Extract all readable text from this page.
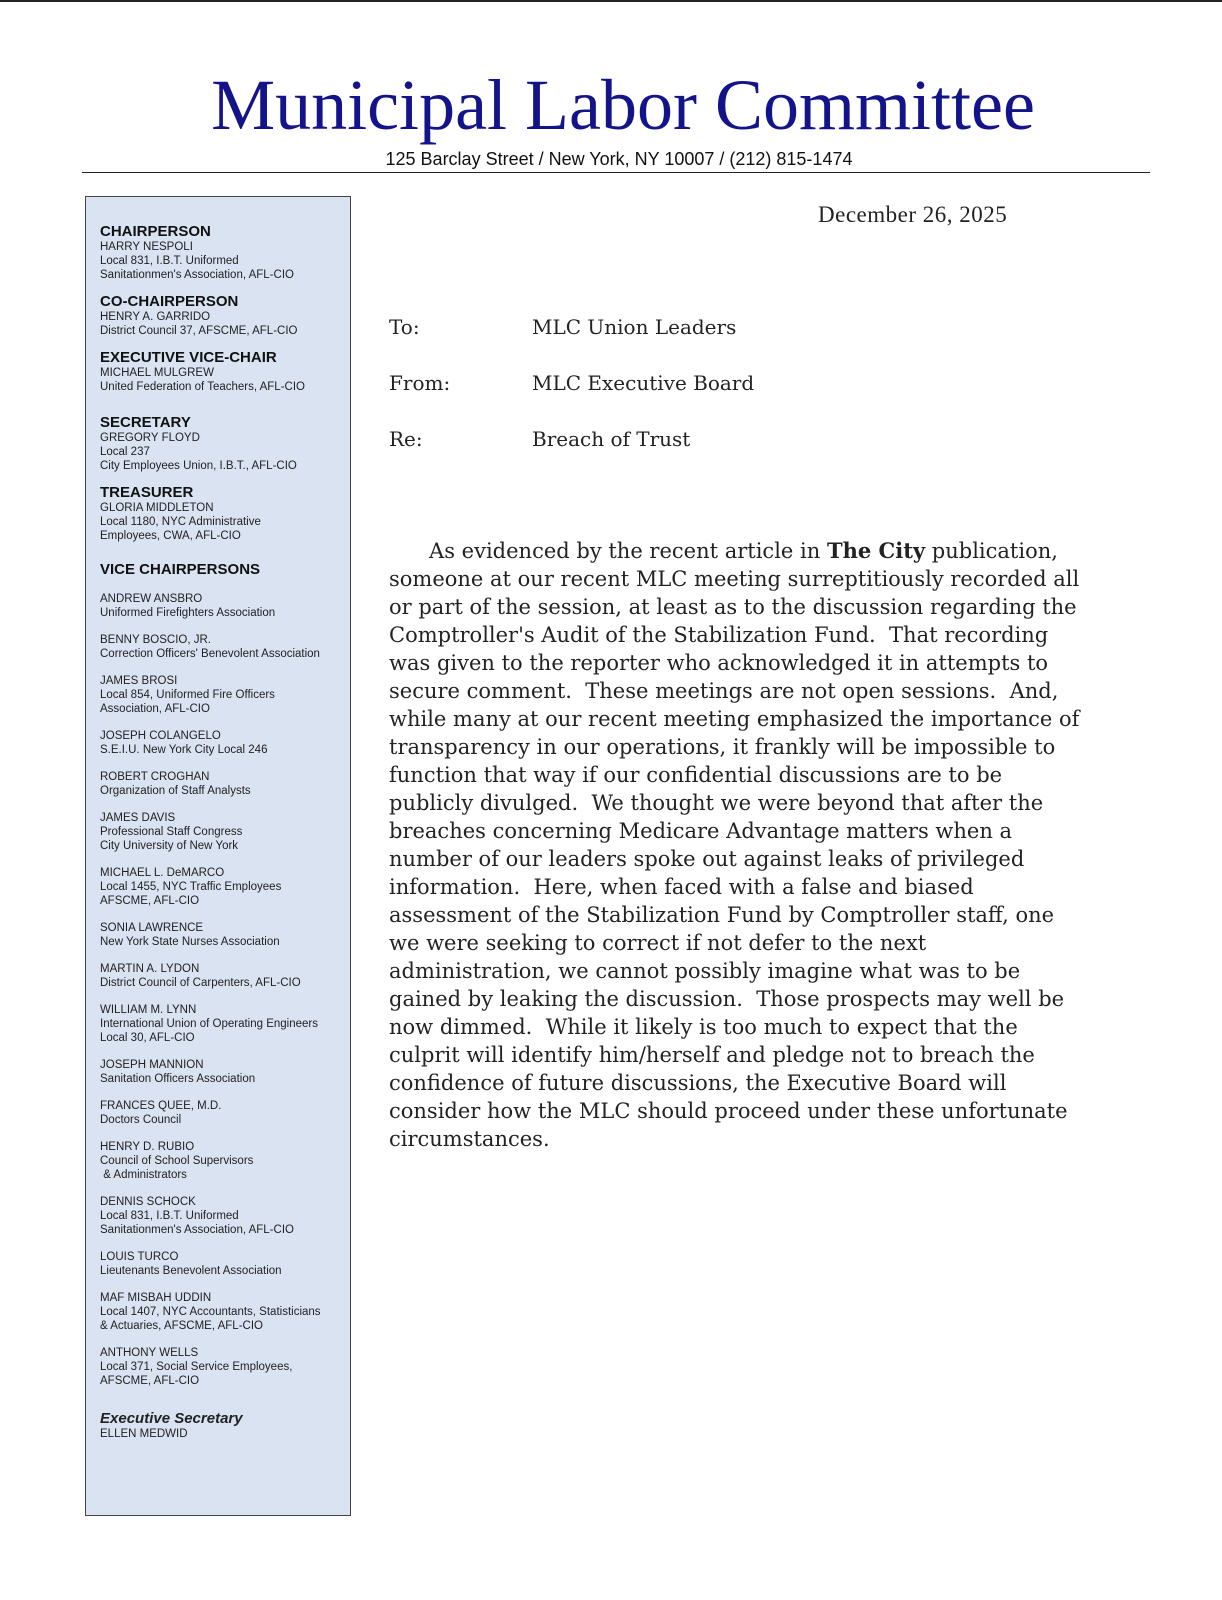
Municipal Labor Committee
125 Barclay Street / New York, NY 10007 / (212) 815-1474
CHAIRPERSON
HARRY NESPOLI
Local 831, I.B.T. Uniformed
Sanitationmen's Association, AFL-CIO
CO-CHAIRPERSON
HENRY A. GARRIDO
District Council 37, AFSCME, AFL-CIO
EXECUTIVE VICE-CHAIR
MICHAEL MULGREW
United Federation of Teachers, AFL-CIO
SECRETARY
GREGORY FLOYD
Local 237
City Employees Union, I.B.T., AFL-CIO
TREASURER
GLORIA MIDDLETON
Local 1180, NYC Administrative
Employees, CWA, AFL-CIO
VICE CHAIRPERSONS
ANDREW ANSBRO
Uniformed Firefighters Association
BENNY BOSCIO, JR.
Correction Officers' Benevolent Association
JAMES BROSI
Local 854, Uniformed Fire Officers
Association, AFL-CIO
JOSEPH COLANGELO
S.E.I.U. New York City Local 246
ROBERT CROGHAN
Organization of Staff Analysts
JAMES DAVIS
Professional Staff Congress
City University of New York
MICHAEL L. DeMARCO
Local 1455, NYC Traffic Employees
AFSCME, AFL-CIO
SONIA LAWRENCE
New York State Nurses Association
MARTIN A. LYDON
District Council of Carpenters, AFL-CIO
WILLIAM M. LYNN
International Union of Operating Engineers
Local 30, AFL-CIO
JOSEPH MANNION
Sanitation Officers Association
FRANCES QUEE, M.D.
Doctors Council
HENRY D. RUBIO
Council of School Supervisors
& Administrators
DENNIS SCHOCK
Local 831, I.B.T. Uniformed
Sanitationmen's Association, AFL-CIO
LOUIS TURCO
Lieutenants Benevolent Association
MAF MISBAH UDDIN
Local 1407, NYC Accountants, Statisticians
& Actuaries, AFSCME, AFL-CIO
ANTHONY WELLS
Local 371, Social Service Employees,
AFSCME, AFL-CIO
Executive Secretary
ELLEN MEDWID
December 26, 2025
To:	MLC Union Leaders
From:	MLC Executive Board
Re:	Breach of Trust
As evidenced by the recent article in The City publication,
someone at our recent MLC meeting surreptitiously recorded all
or part of the session, at least as to the discussion regarding the
Comptroller's Audit of the Stabilization Fund.  That recording
was given to the reporter who acknowledged it in attempts to
secure comment.  These meetings are not open sessions.  And,
while many at our recent meeting emphasized the importance of
transparency in our operations, it frankly will be impossible to
function that way if our confidential discussions are to be
publicly divulged.  We thought we were beyond that after the
breaches concerning Medicare Advantage matters when a
number of our leaders spoke out against leaks of privileged
information.  Here, when faced with a false and biased
assessment of the Stabilization Fund by Comptroller staff, one
we were seeking to correct if not defer to the next
administration, we cannot possibly imagine what was to be
gained by leaking the discussion.  Those prospects may well be
now dimmed.  While it likely is too much to expect that the
culprit will identify him/herself and pledge not to breach the
confidence of future discussions, the Executive Board will
consider how the MLC should proceed under these unfortunate
circumstances.
